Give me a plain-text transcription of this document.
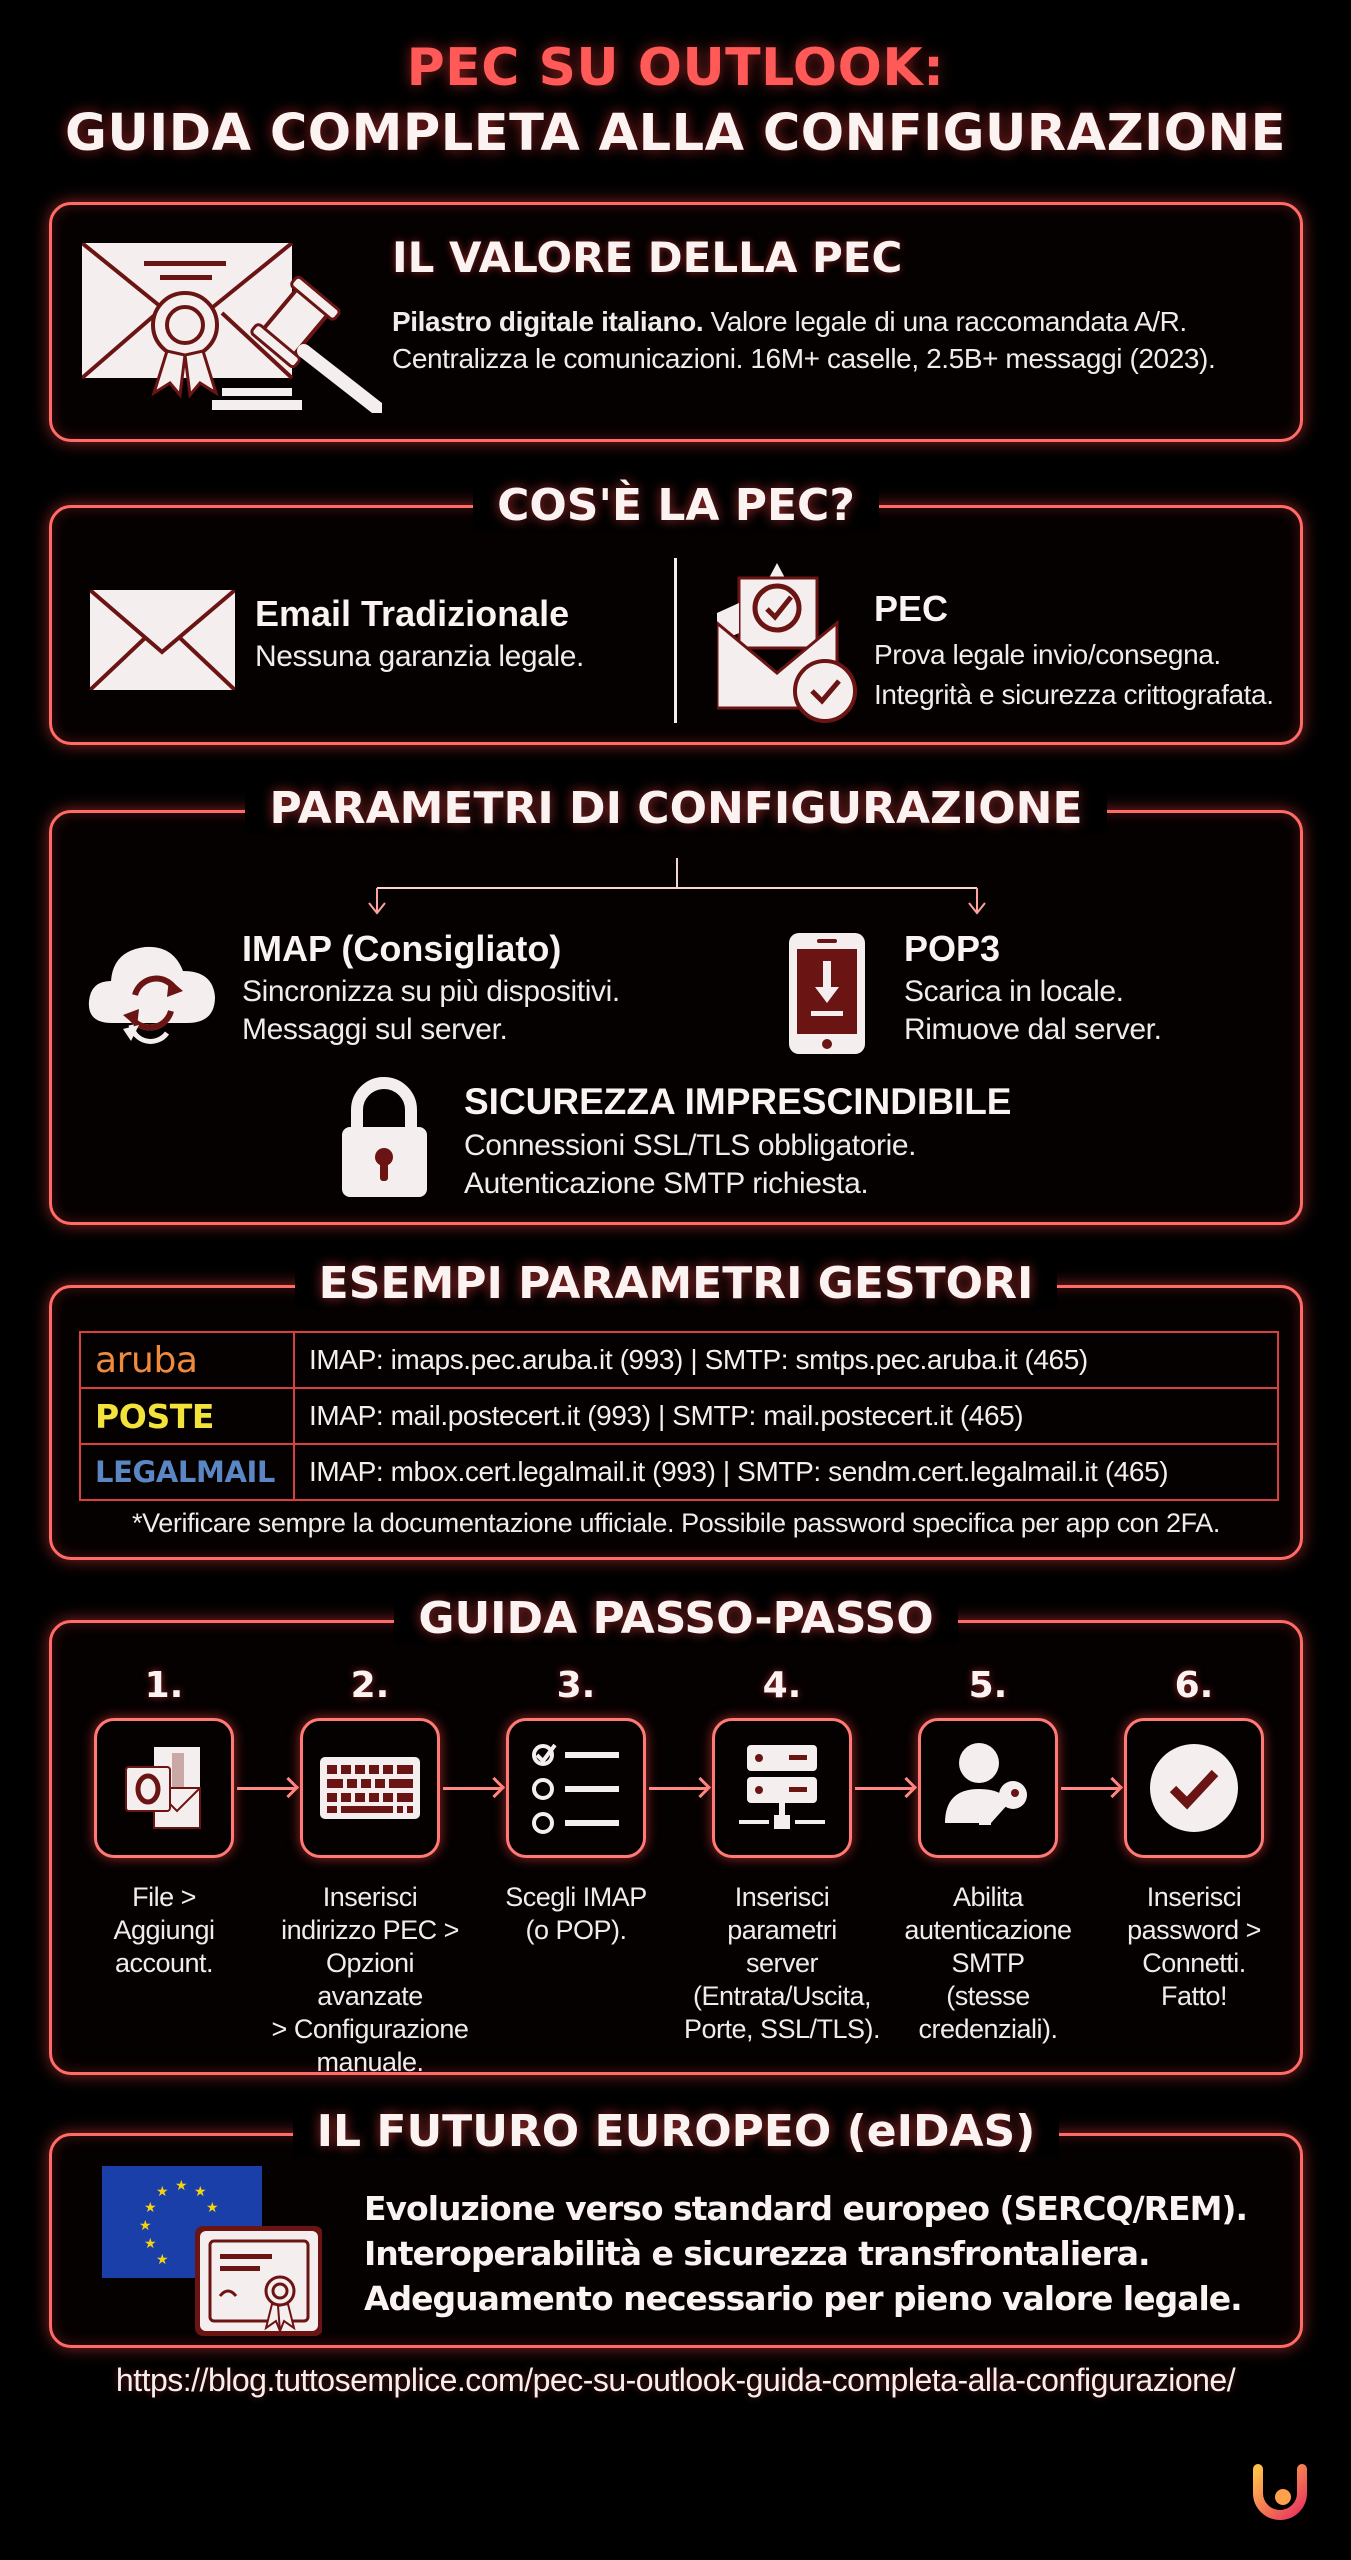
PEC SU OUTLOOK:
GUIDA COMPLETA ALLA CONFIGURAZIONE
IL VALORE DELLA PEC
Pilastro digitale italiano. Valore legale di una raccomandata A/R.
Centralizza le comunicazioni. 16M+ caselle, 2.5B+ messaggi (2023).
COS'È LA PEC?
Email Tradizionale
Nessuna garanzia legale.
PEC
Prova legale invio/consegna.
Integrità e sicurezza crittografata.
PARAMETRI DI CONFIGURAZIONE
IMAP (Consigliato)
Sincronizza su più dispositivi.
Messaggi sul server.
POP3
Scarica in locale.
Rimuove dal server.
SICUREZZA IMPRESCINDIBILE
Connessioni SSL/TLS obbligatorie.
Autenticazione SMTP richiesta.
ESEMPI PARAMETRI GESTORI
aruba	IMAP: imaps.pec.aruba.it (993) | SMTP: smtps.pec.aruba.it (465)
POSTE	IMAP: mail.postecert.it (993) | SMTP: mail.postecert.it (465)
LEGALMAIL	IMAP: mbox.cert.legalmail.it (993) | SMTP: sendm.cert.legalmail.it (465)
*Verificare sempre la documentazione ufficiale. Possibile password specifica per app con 2FA.
GUIDA PASSO-PASSO
1.
File >
Aggiungi
account.
2.
Inserisci
indirizzo PEC >
Opzioni avanzate
> Configurazione
manuale.
3.
Scegli IMAP
(o POP).
4.
Inserisci
parametri
server
(Entrata/Uscita,
Porte, SSL/TLS).
5.
Abilita
autenticazione
SMTP
(stesse
credenziali).
6.
Inserisci
password >
Connetti.
Fatto!
IL FUTURO EUROPEO (eIDAS)
★
★ ★
★	★
★
★
★
Evoluzione verso standard europeo (SERCQ/REM).
Interoperabilità e sicurezza transfrontaliera.
Adeguamento necessario per pieno valore legale.
https://blog.tuttosemplice.com/pec-su-outlook-guida-completa-alla-configurazione/
